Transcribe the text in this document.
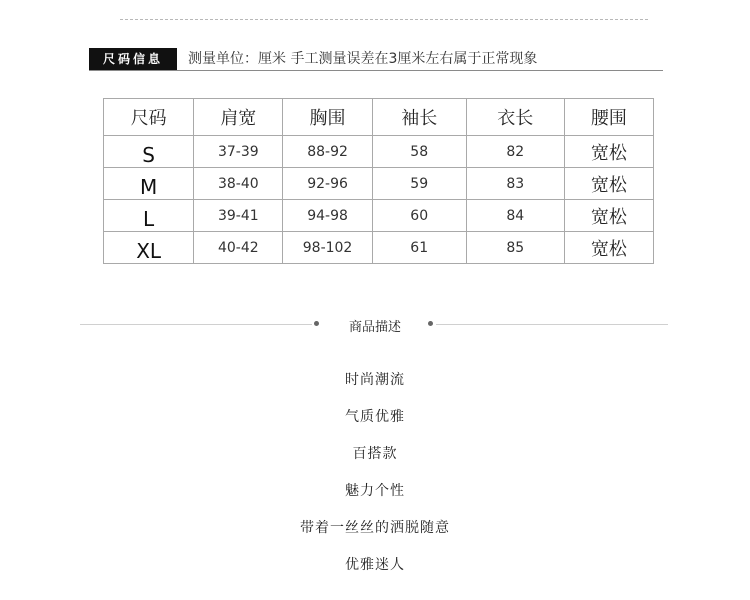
尺码信息	测量单位：厘米 手工测量误差在3厘米左右属于正常现象
尺码	肩宽	胸围	袖长	衣长	腰围
S	37-39	88-92	58	82	宽松
M	38-40	92-96	59	83	宽松
L	39-41	94-98	60	84	宽松
XL	40-42	98-102	61	85	宽松
商品描述
时尚潮流
气质优雅
百搭款
魅力个性
带着一丝丝的洒脱随意
优雅迷人
